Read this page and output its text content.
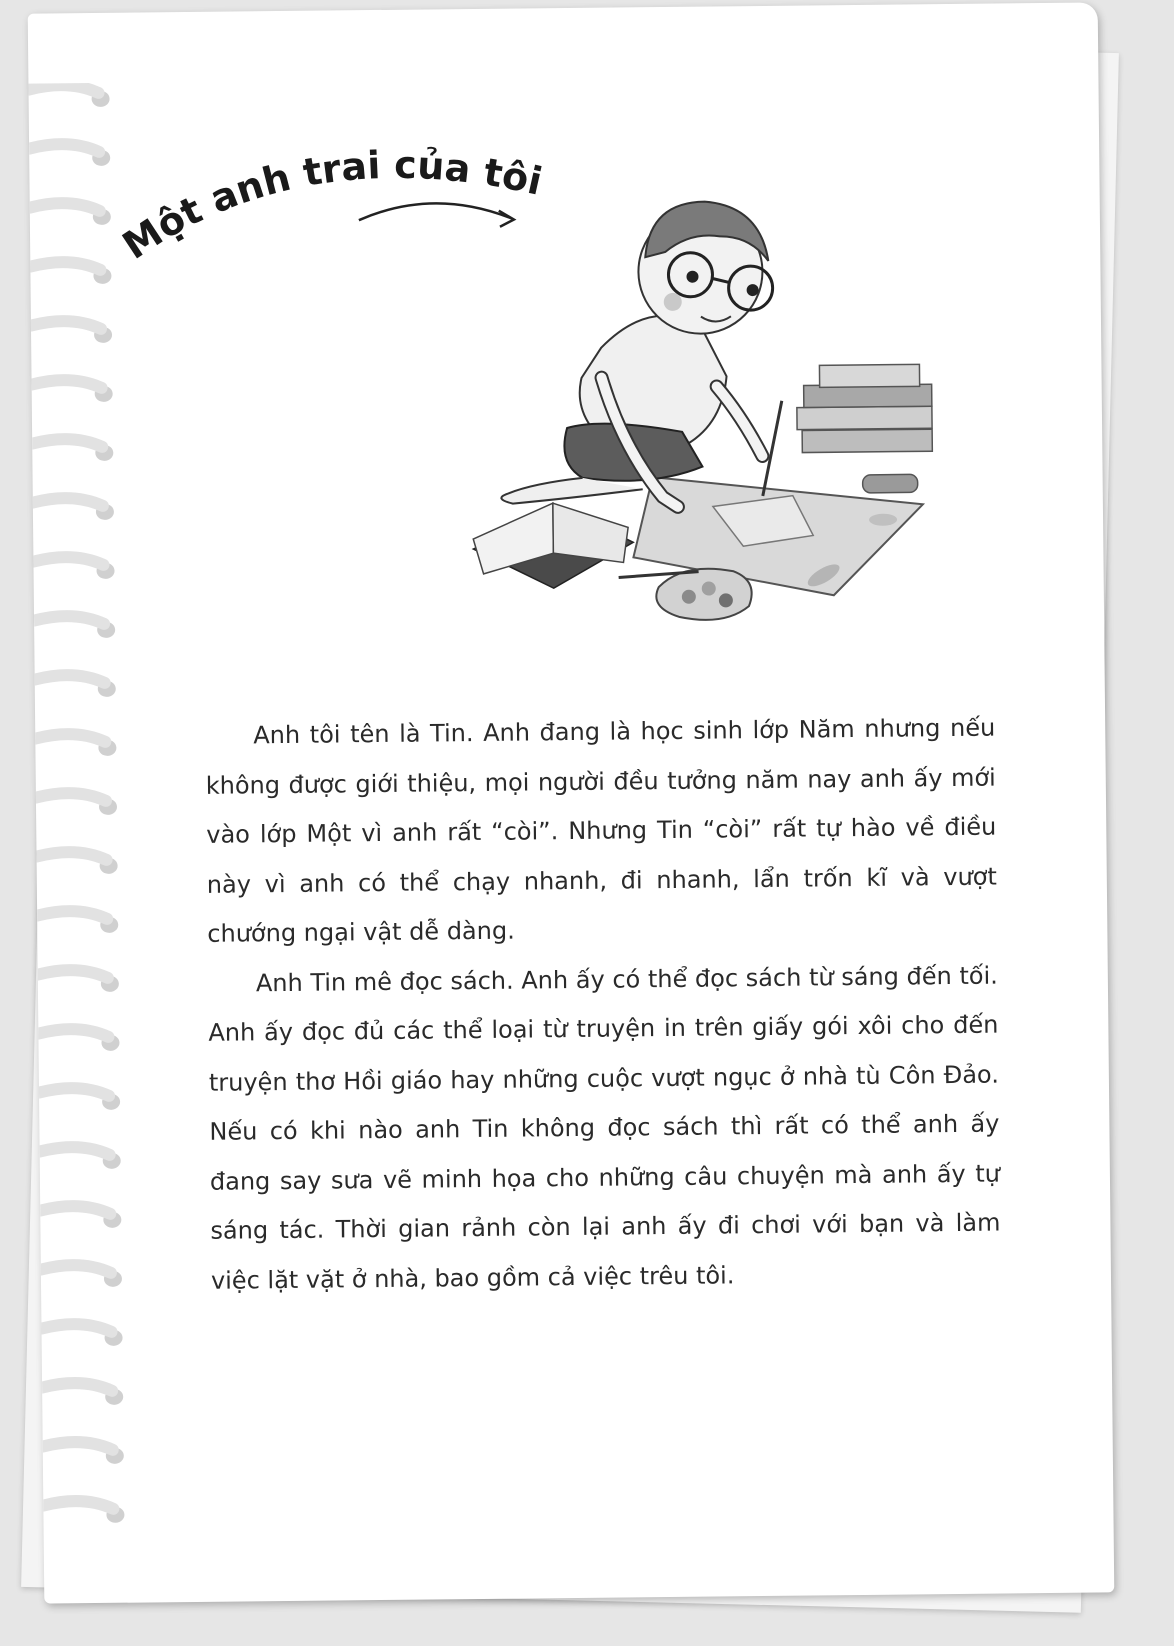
Một anh trai của tôi

Anh tôi tên là Tin. Anh đang là học sinh lớp Năm nhưng nếu không được giới thiệu, mọi người đều tưởng năm nay anh ấy mới vào lớp Một vì anh rất “còi”. Nhưng Tin “còi” rất tự hào về điều này vì anh có thể chạy nhanh, đi nhanh, lẩn trốn kĩ và vượt chướng ngại vật dễ dàng.

Anh Tin mê đọc sách. Anh ấy có thể đọc sách từ sáng đến tối. Anh ấy đọc đủ các thể loại từ truyện in trên giấy gói xôi cho đến truyện thơ Hồi giáo hay những cuộc vượt ngục ở nhà tù Côn Đảo. Nếu có khi nào anh Tin không đọc sách thì rất có thể anh ấy đang say sưa vẽ minh họa cho những câu chuyện mà anh ấy tự sáng tác. Thời gian rảnh còn lại anh ấy đi chơi với bạn và làm việc lặt vặt ở nhà, bao gồm cả việc trêu tôi.
